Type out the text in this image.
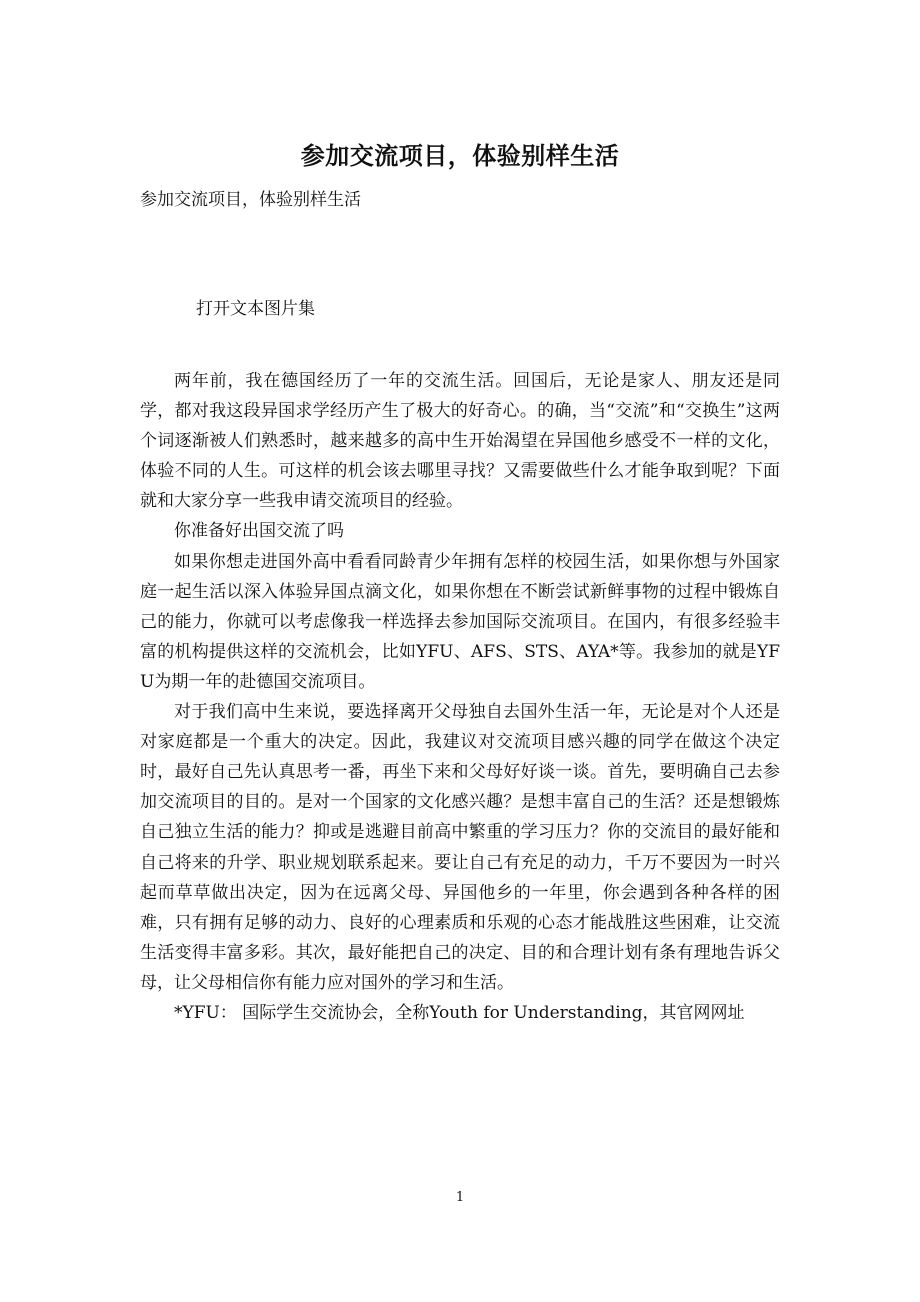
参加交流项目，体验别样生活
参加交流项目，体验别样生活
打开文本图片集

两年前，我在德国经历了一年的交流生活。回国后，无论是家人、朋友还是同学，都对我这段异国求学经历产生了极大的好奇心。的确，当“交流”和“交换生”这两个词逐渐被人们熟悉时，越来越多的高中生开始渴望在异国他乡感受不一样的文化，体验不同的人生。可这样的机会该去哪里寻找？又需要做些什么才能争取到呢？下面就和大家分享一些我申请交流项目的经验。

你准备好出国交流了吗

如果你想走进国外高中看看同龄青少年拥有怎样的校园生活，如果你想与外国家庭一起生活以深入体验异国点滴文化，如果你想在不断尝试新鲜事物的过程中锻炼自己的能力，你就可以考虑像我一样选择去参加国际交流项目。在国内，有很多经验丰富的机构提供这样的交流机会，比如YFU、AFS、STS、AYA*等。我参加的就是YFU为期一年的赴德国交流项目。

对于我们高中生来说，要选择离开父母独自去国外生活一年，无论是对个人还是对家庭都是一个重大的决定。因此，我建议对交流项目感兴趣的同学在做这个决定时，最好自己先认真思考一番，再坐下来和父母好好谈一谈。首先，要明确自己去参加交流项目的目的。是对一个国家的文化感兴趣？是想丰富自己的生活？还是想锻炼自己独立生活的能力？抑或是逃避目前高中繁重的学习压力？你的交流目的最好能和自己将来的升学、职业规划联系起来。要让自己有充足的动力，千万不要因为一时兴起而草草做出决定，因为在远离父母、异国他乡的一年里，你会遇到各种各样的困难，只有拥有足够的动力、良好的心理素质和乐观的心态才能战胜这些困难，让交流生活变得丰富多彩。其次，最好能把自己的决定、目的和合理计划有条有理地告诉父母，让父母相信你有能力应对国外的学习和生活。

*YFU： 国际学生交流协会，全称Youth for Understanding，其官网网址

1
